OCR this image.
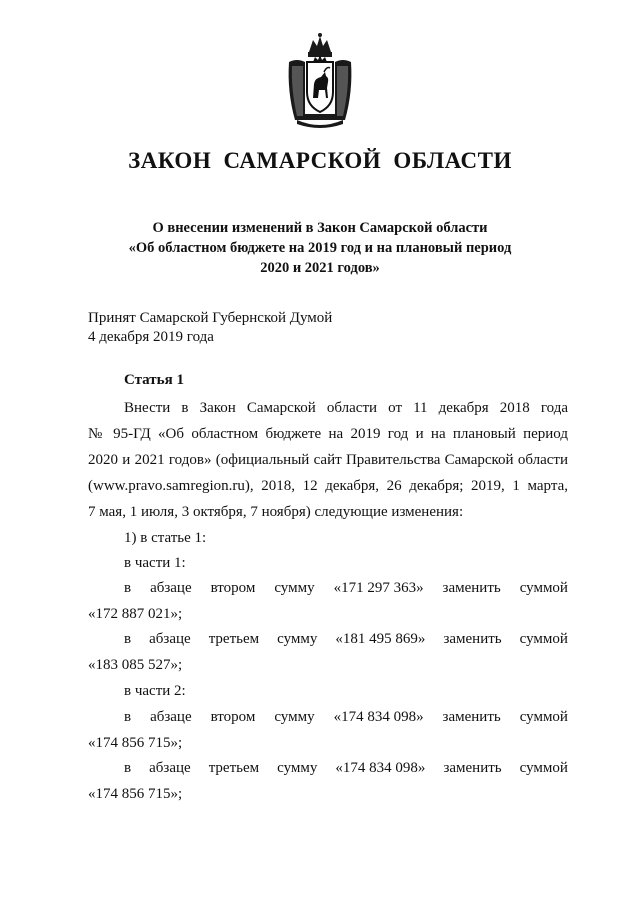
ЗАКОН САМАРСКОЙ ОБЛАСТИ
О внесении изменений в Закон Самарской области
«Об областном бюджете на 2019 год и на плановый период
2020 и 2021 годов»
Принят Самарской Губернской Думой
4 декабря 2019 года
Статья 1
Внести в Закон Самарской области от 11 декабря 2018 года
№ 95-ГД «Об областном бюджете на 2019 год и на плановый период
2020 и 2021 годов» (официальный сайт Правительства Самарской области
(www.pravo.samregion.ru), 2018, 12 декабря, 26 декабря; 2019, 1 марта,
7 мая, 1 июля, 3 октября, 7 ноября) следующие изменения:
1) в статье 1:
в части 1:
в абзаце втором сумму «171 297 363» заменить суммой
«172 887 021»;
в абзаце третьем сумму «181 495 869» заменить суммой
«183 085 527»;
в части 2:
в абзаце втором сумму «174 834 098» заменить суммой
«174 856 715»;
в абзаце третьем сумму «174 834 098» заменить суммой
«174 856 715»;
